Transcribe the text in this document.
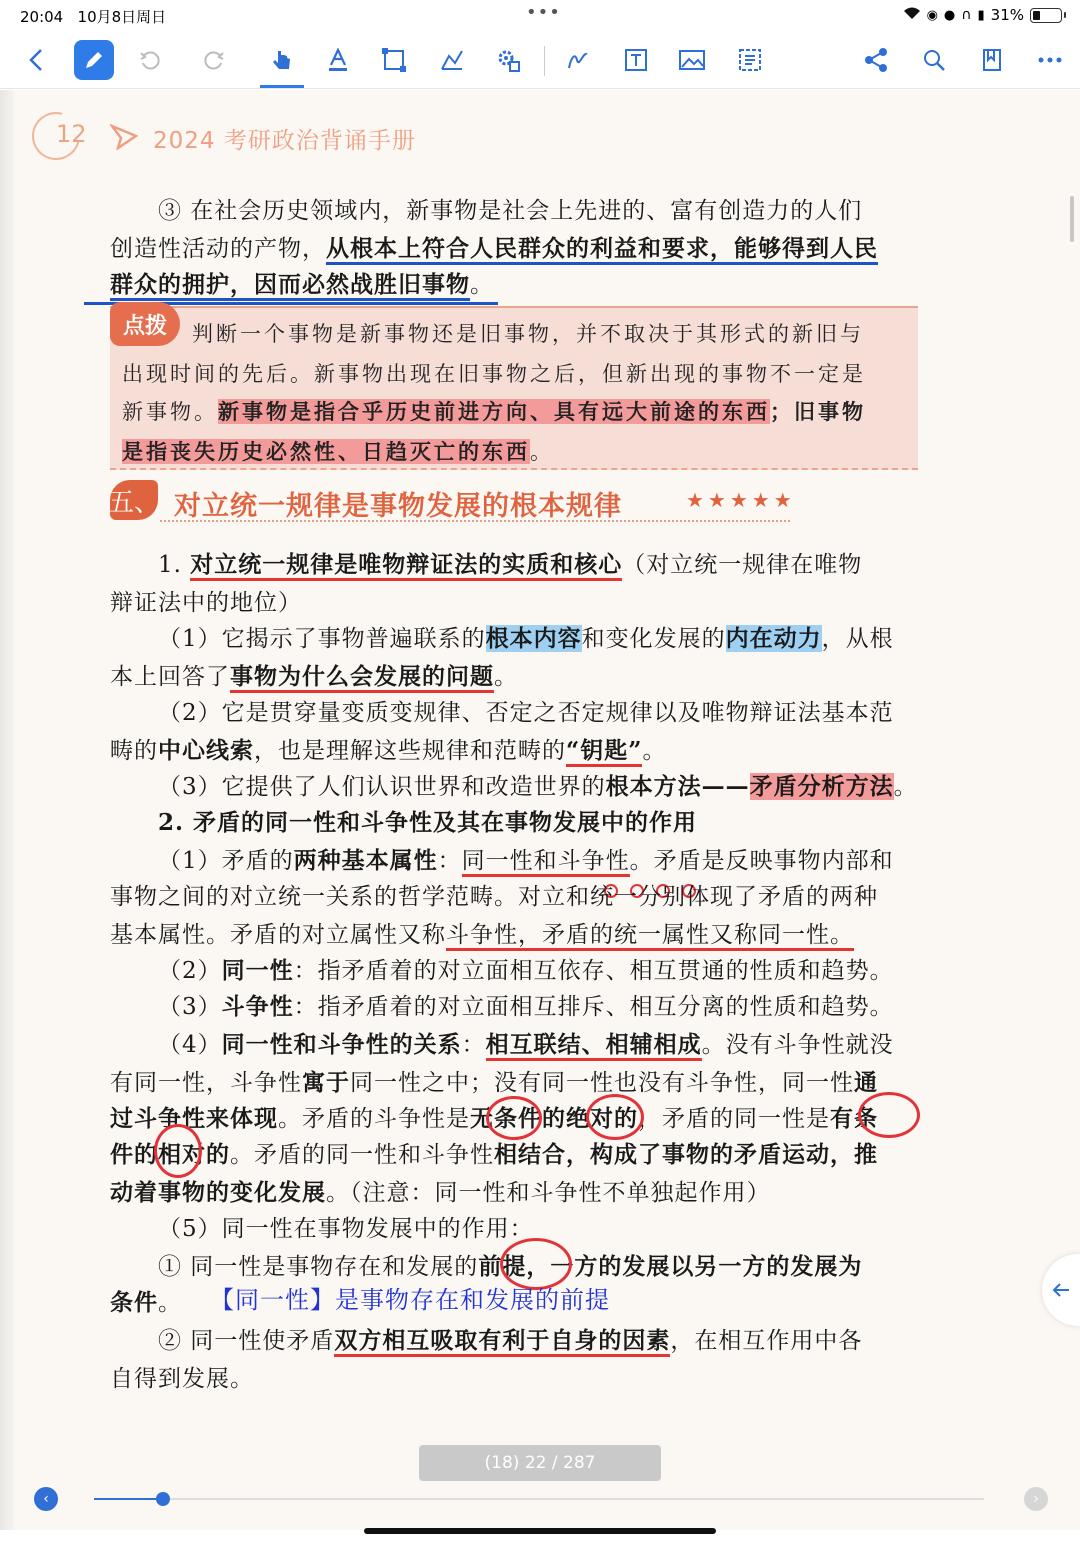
20:04 10月8日周日	•••	◉ ● ∩ ▮ 31%
12	2024 考研政治背诵手册
③ 在社会历史领域内，新事物是社会上先进的、富有创造力的人们
创造性活动的产物，从根本上符合人民群众的利益和要求，能够得到人民
群众的拥护，因而必然战胜旧事物。
点拨	判断一个事物是新事物还是旧事物，并不取决于其形式的新旧与
出现时间的先后。新事物出现在旧事物之后，但新出现的事物不一定是
新事物。新事物是指合乎历史前进方向、具有远大前途的东西；旧事物
是指丧失历史必然性、日趋灭亡的东西。
五、 对立统一规律是事物发展的根本规律	★★★★★
1. 对立统一规律是唯物辩证法的实质和核心（对立统一规律在唯物
辩证法中的地位）
（1）它揭示了事物普遍联系的根本内容和变化发展的内在动力，从根
本上回答了事物为什么会发展的问题。
（2）它是贯穿量变质变规律、否定之否定规律以及唯物辩证法基本范
畴的中心线索，也是理解这些规律和范畴的“钥匙”。
（3）它提供了人们认识世界和改造世界的根本方法——矛盾分析方法。
2. 矛盾的同一性和斗争性及其在事物发展中的作用
（1）矛盾的两种基本属性：同一性和斗争性。矛盾是反映事物内部和
事物之间的对立统一关系的哲学范畴。对立和统一分别体现了矛盾的两种
基本属性。矛盾的对立属性又称斗争性，矛盾的统一属性又称同一性。
（2）同一性：指矛盾着的对立面相互依存、相互贯通的性质和趋势。
（3）斗争性：指矛盾着的对立面相互排斥、相互分离的性质和趋势。
（4）同一性和斗争性的关系：相互联结、相辅相成。没有斗争性就没
有同一性，斗争性寓于同一性之中；没有同一性也没有斗争性，同一性通
过斗争性来体现。矛盾的斗争性是无条件的绝对的，矛盾的同一性是有条
件的相对的。矛盾的同一性和斗争性相结合，构成了事物的矛盾运动，推
动着事物的变化发展。（注意：同一性和斗争性不单独起作用）
（5）同一性在事物发展中的作用：
① 同一性是事物存在和发展的前提，一方的发展以另一方的发展为
条件。 【同一性】是事物存在和发展的前提
② 同一性使矛盾双方相互吸取有利于自身的因素，在相互作用中各
自得到发展。
(18) 22 / 287
‹	›
